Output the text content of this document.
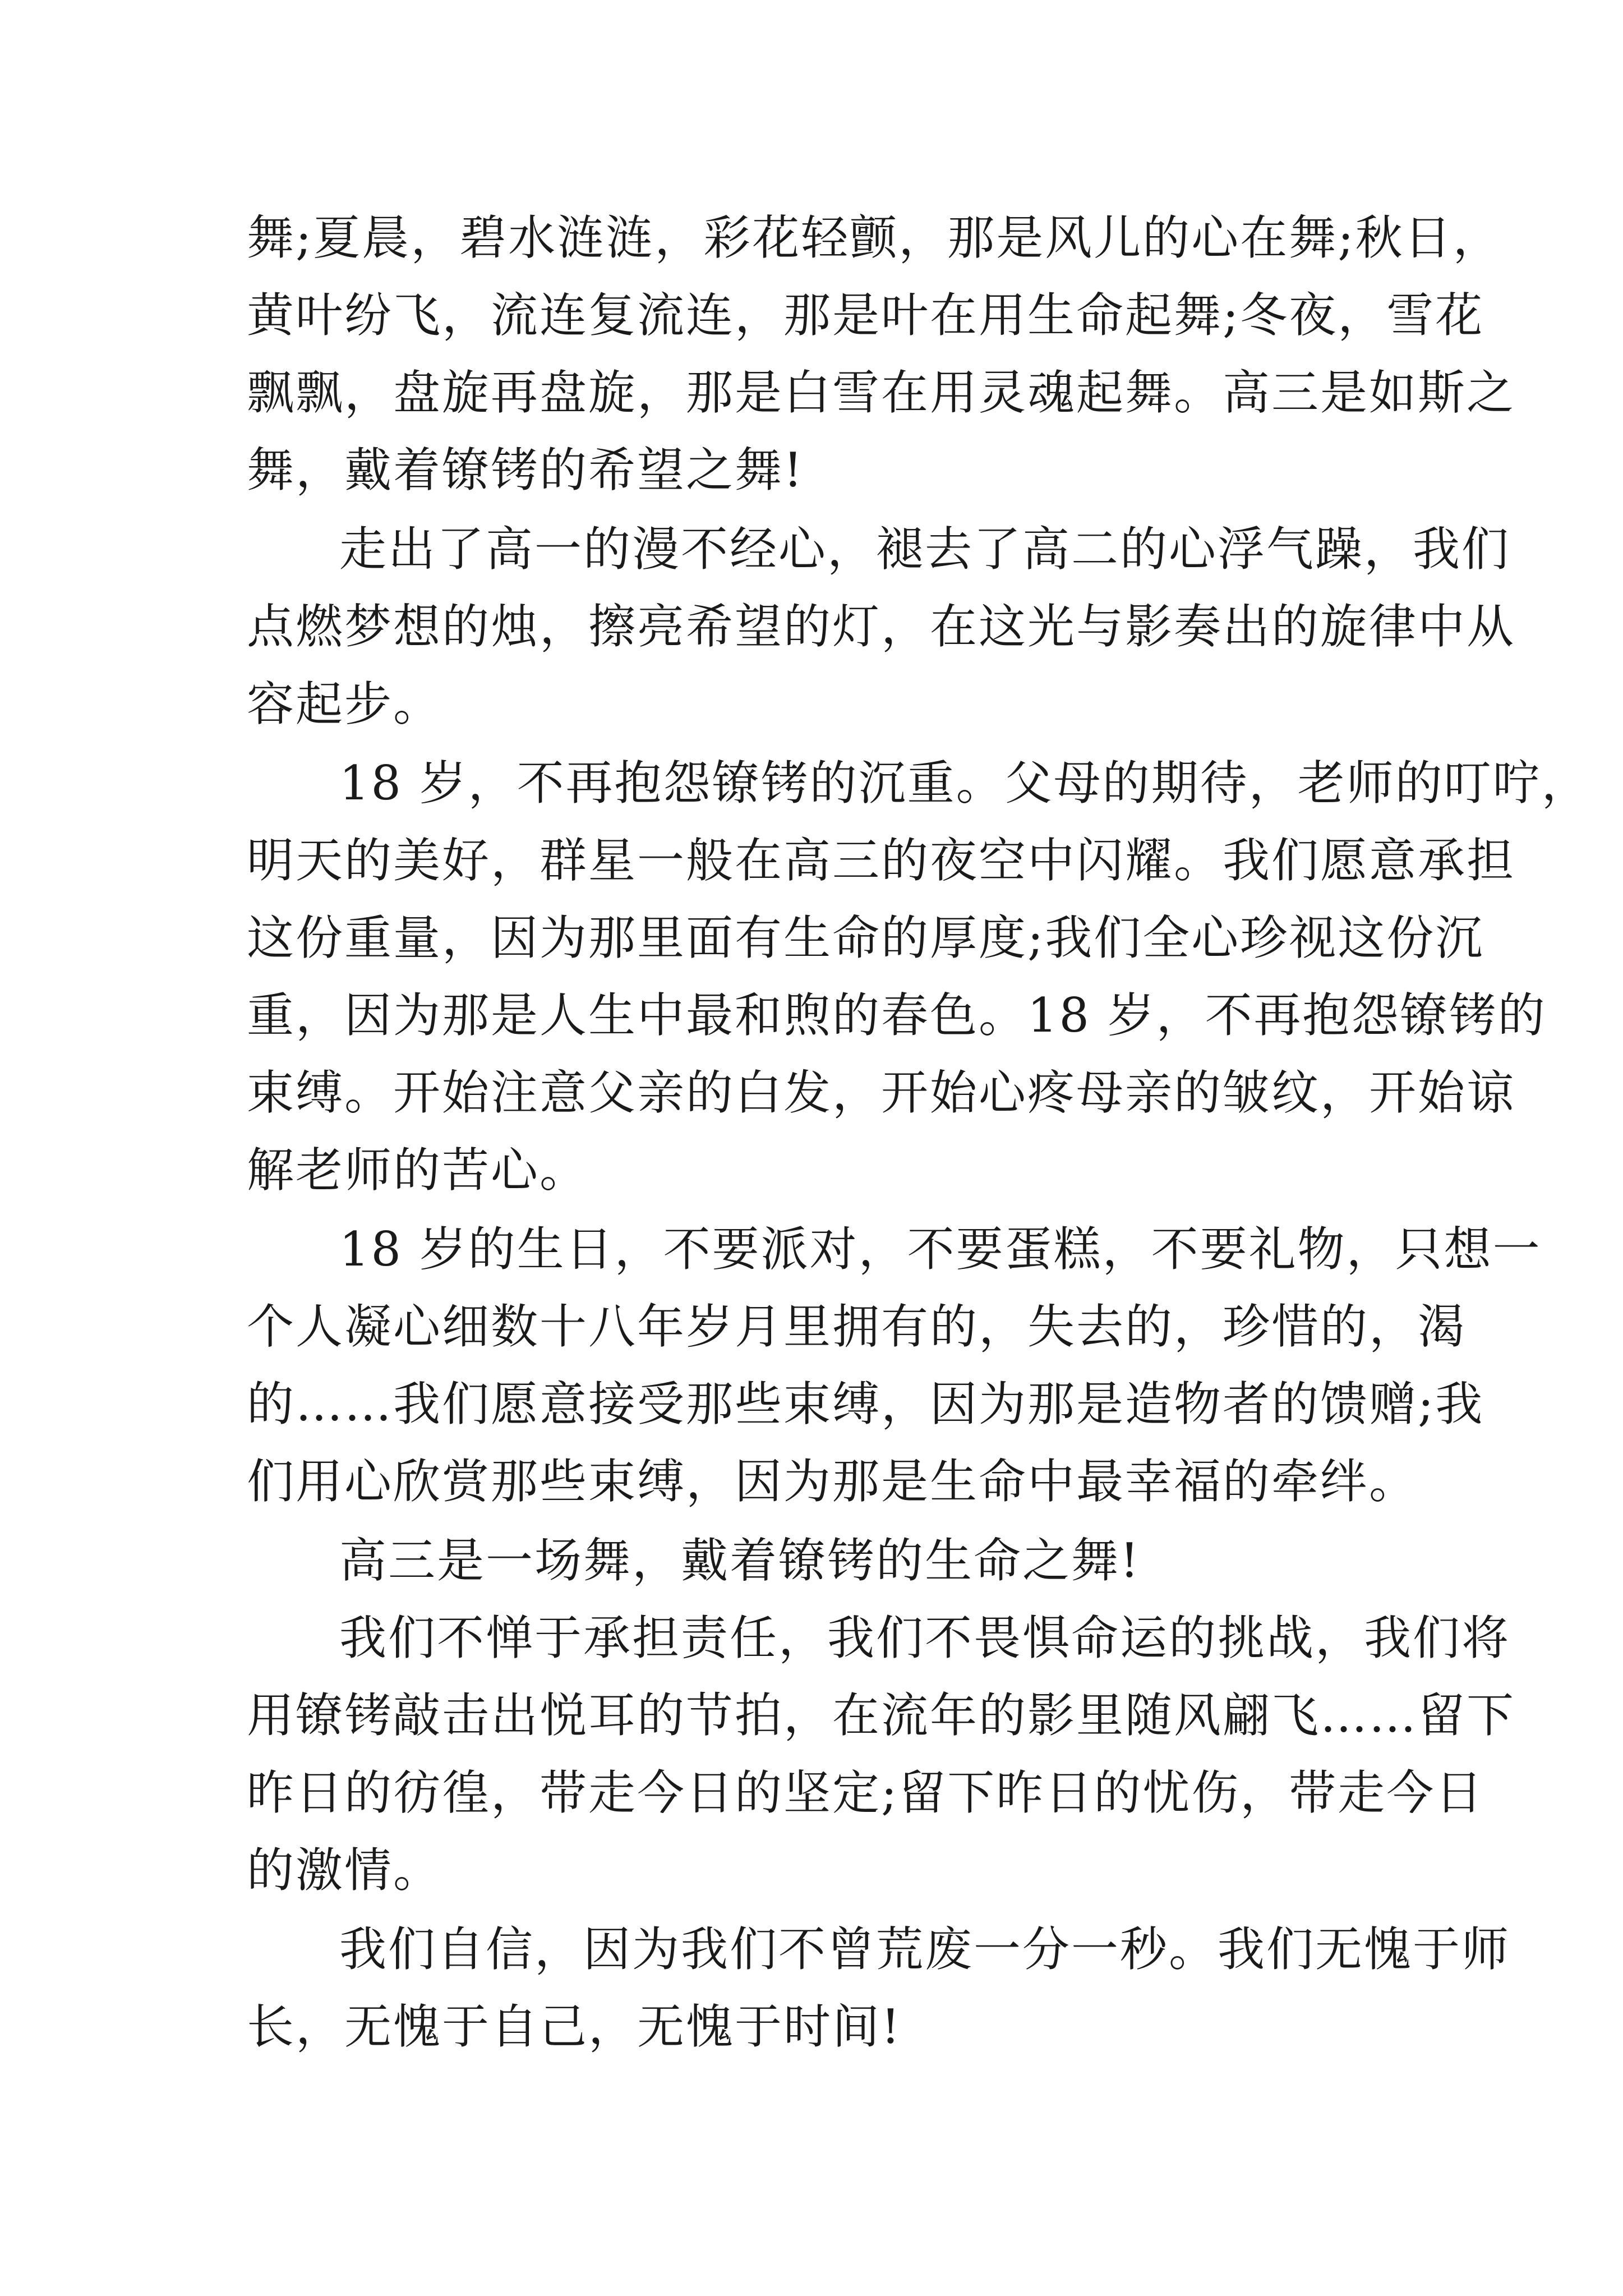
舞;夏晨，碧水涟涟，彩花轻颤，那是风儿的心在舞;秋日，
黄叶纷飞，流连复流连，那是叶在用生命起舞;冬夜，雪花
飘飘，盘旋再盘旋，那是白雪在用灵魂起舞。高三是如斯之
舞，戴着镣铐的希望之舞!
走出了高一的漫不经心，褪去了高二的心浮气躁，我们
点燃梦想的烛，擦亮希望的灯，在这光与影奏出的旋律中从
容起步。
18 岁，不再抱怨镣铐的沉重。父母的期待，老师的叮咛，
明天的美好，群星一般在高三的夜空中闪耀。我们愿意承担
这份重量，因为那里面有生命的厚度;我们全心珍视这份沉
重，因为那是人生中最和煦的春色。18 岁，不再抱怨镣铐的
束缚。开始注意父亲的白发，开始心疼母亲的皱纹，开始谅
解老师的苦心。
18 岁的生日，不要派对，不要蛋糕，不要礼物，只想一
个人凝心细数十八年岁月里拥有的，失去的，珍惜的，渴
的……我们愿意接受那些束缚，因为那是造物者的馈赠;我
们用心欣赏那些束缚，因为那是生命中最幸福的牵绊。
高三是一场舞，戴着镣铐的生命之舞!
我们不惮于承担责任，我们不畏惧命运的挑战，我们将
用镣铐敲击出悦耳的节拍，在流年的影里随风翩飞……留下
昨日的彷徨，带走今日的坚定;留下昨日的忧伤，带走今日
的激情。
我们自信，因为我们不曾荒废一分一秒。我们无愧于师
长，无愧于自己，无愧于时间!
